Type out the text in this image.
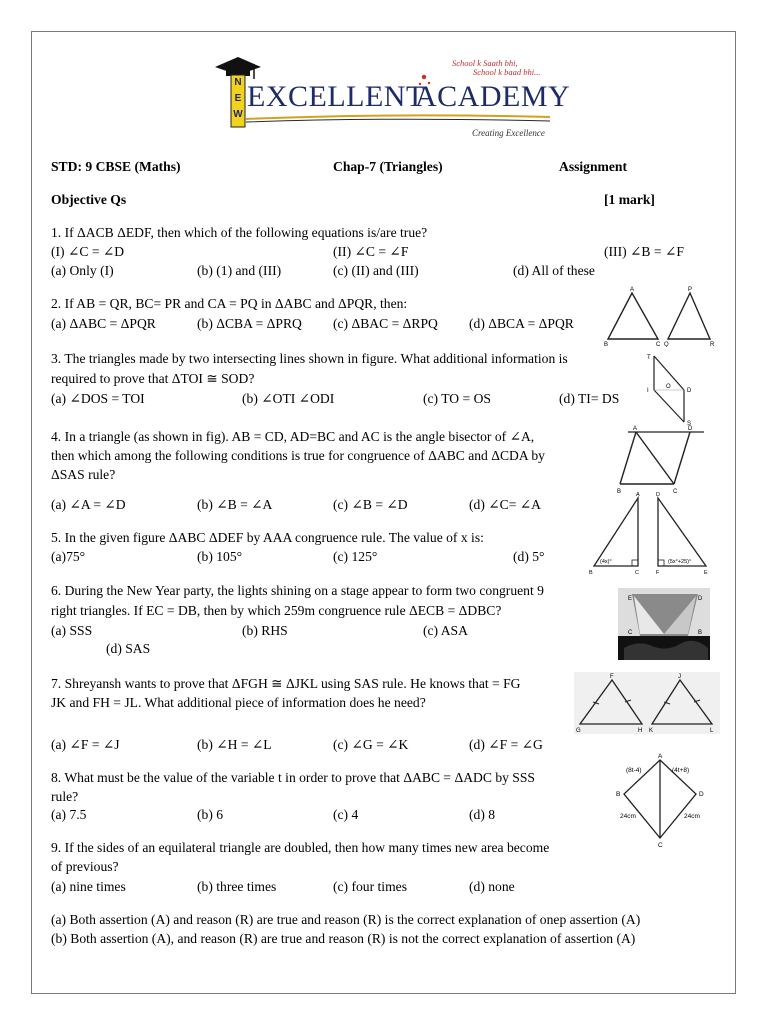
School k Saath bhi,
School k baad bhi...
N
E
W
EXCELLENT
ACADEMY
Creating Excellence
STD: 9 CBSE (Maths)	Chap-7 (Triangles)	Assignment
Objective Qs	[1 mark]
1. If ΔACB ΔEDF, then which of the following equations is/are true?
(I) ∠C = ∠D	(II) ∠C = ∠F	(III) ∠B = ∠F
(a) Only (I)	(b) (1) and (III)	(c) (II) and (III)	(d) All of these
2. If AB = QR, BC= PR and CA = PQ in ΔABC and ΔPQR, then:
(a) ΔABC = ΔPQR	(b) ΔCBA = ΔPRQ (c) ΔBAC = ΔRPQ (d) ΔBCA = ΔPQR
A
B	C
P
Q	R
3. The triangles made by two intersecting lines shown in figure. What additional information is
required to prove that ΔTOI ≅ SOD?
(a) ∠DOS = TOI	(b) ∠OTI ∠ODI	(c) TO = OS	(d) TI= DS
T
I
O
D
S
4. In a triangle (as shown in fig). AB = CD, AD=BC and AC is the angle bisector of ∠A,
then which among the following conditions is true for congruence of ΔABC and ΔCDA by
ΔSAS rule?
(a) ∠A = ∠D	(b) ∠B = ∠A	(c) ∠B = ∠D	(d) ∠C= ∠A
A	D
B	C
5. In the given figure ΔABC ΔDEF by AAA congruence rule. The value of x is:
(a)75°	(b) 105°	(c) 125°	(d) 5°
A	D
(4x)°	(5x°+25)°
B	C	F	E
6. During the New Year party, the lights shining on a stage appear to form two congruent 9
right triangles. If EC = DB, then by which 259m congruence rule ΔECB = ΔDBC?
(a) SSS	(b) RHS	(c) ASA
(d) SAS
E	D
C	B
7. Shreyansh wants to prove that ΔFGH ≅ ΔJKL using SAS rule. He knows that = FG
JK and FH = JL. What additional piece of information does he need?
(a) ∠F = ∠J	(b) ∠H = ∠L	(c) ∠G = ∠K	(d) ∠F = ∠G
F	J
G	H K	L
8. What must be the value of the variable t in order to prove that ΔABC = ΔADC by SSS
rule?
(a) 7.5	(b) 6	(c) 4	(d) 8
A
(8t-4)	(4t+8)
B	D
24cm	24cm
C
9. If the sides of an equilateral triangle are doubled, then how many times new area become
of previous?
(a) nine times	(b) three times	(c) four times	(d) none
(a) Both assertion (A) and reason (R) are true and reason (R) is the correct explanation of onep assertion (A)
(b) Both assertion (A), and reason (R) are true and reason (R) is not the correct explanation of assertion (A)
